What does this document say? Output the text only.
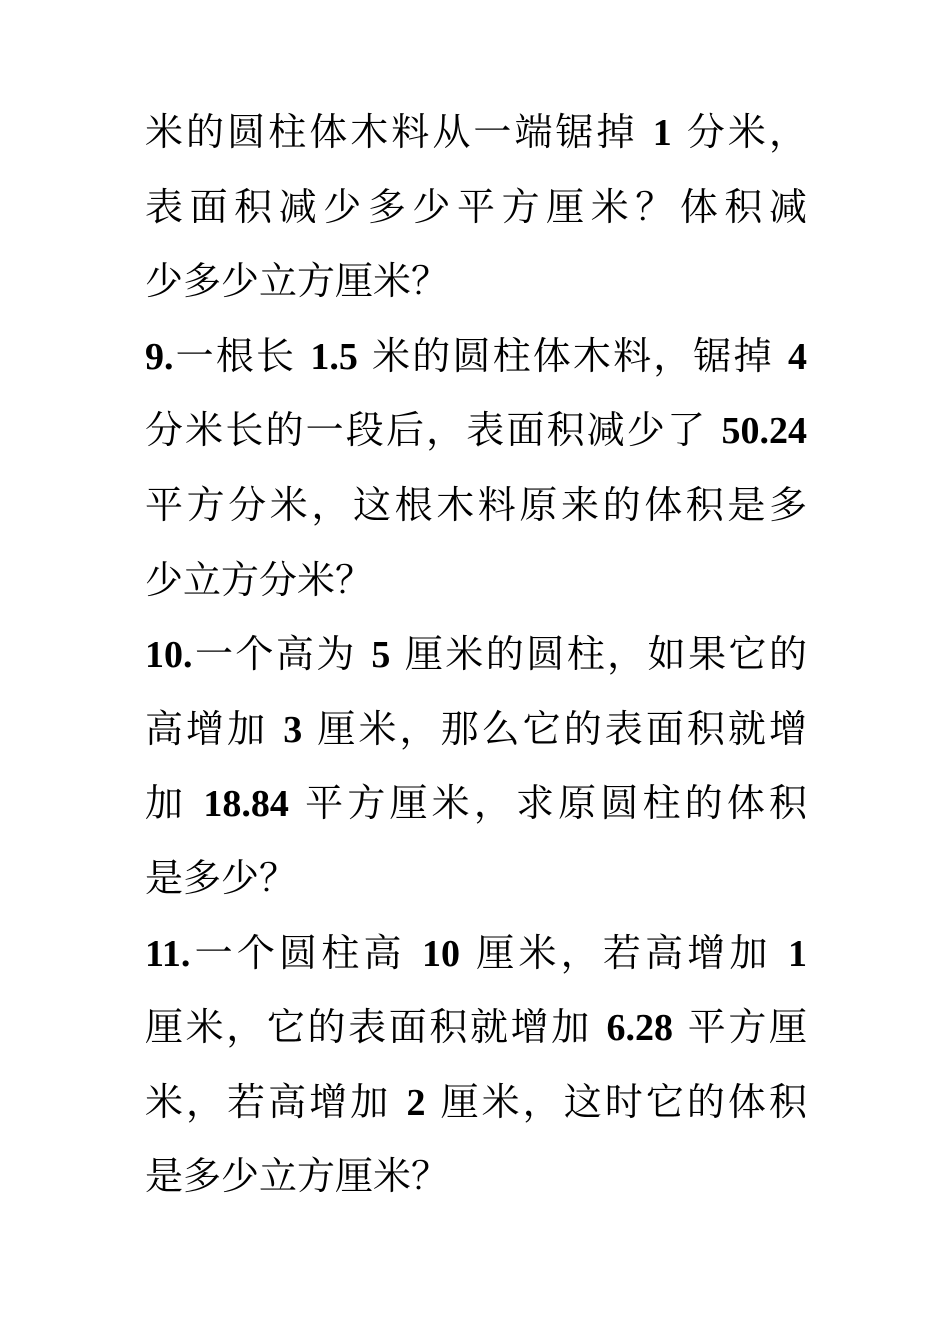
米的圆柱体木料从一端锯掉 1 分米，
表面积减少多少平方厘米？体积减
少多少立方厘米？
9.一根长 1.5 米的圆柱体木料，锯掉 4
分米长的一段后，表面积减少了 50.24
平方分米，这根木料原来的体积是多
少立方分米？
10.一个高为 5 厘米的圆柱，如果它的
高增加 3 厘米，那么它的表面积就增
加 18.84 平方厘米，求原圆柱的体积
是多少？
11.一个圆柱高 10 厘米，若高增加 1
厘米，它的表面积就增加 6.28 平方厘
米，若高增加 2 厘米，这时它的体积
是多少立方厘米？
